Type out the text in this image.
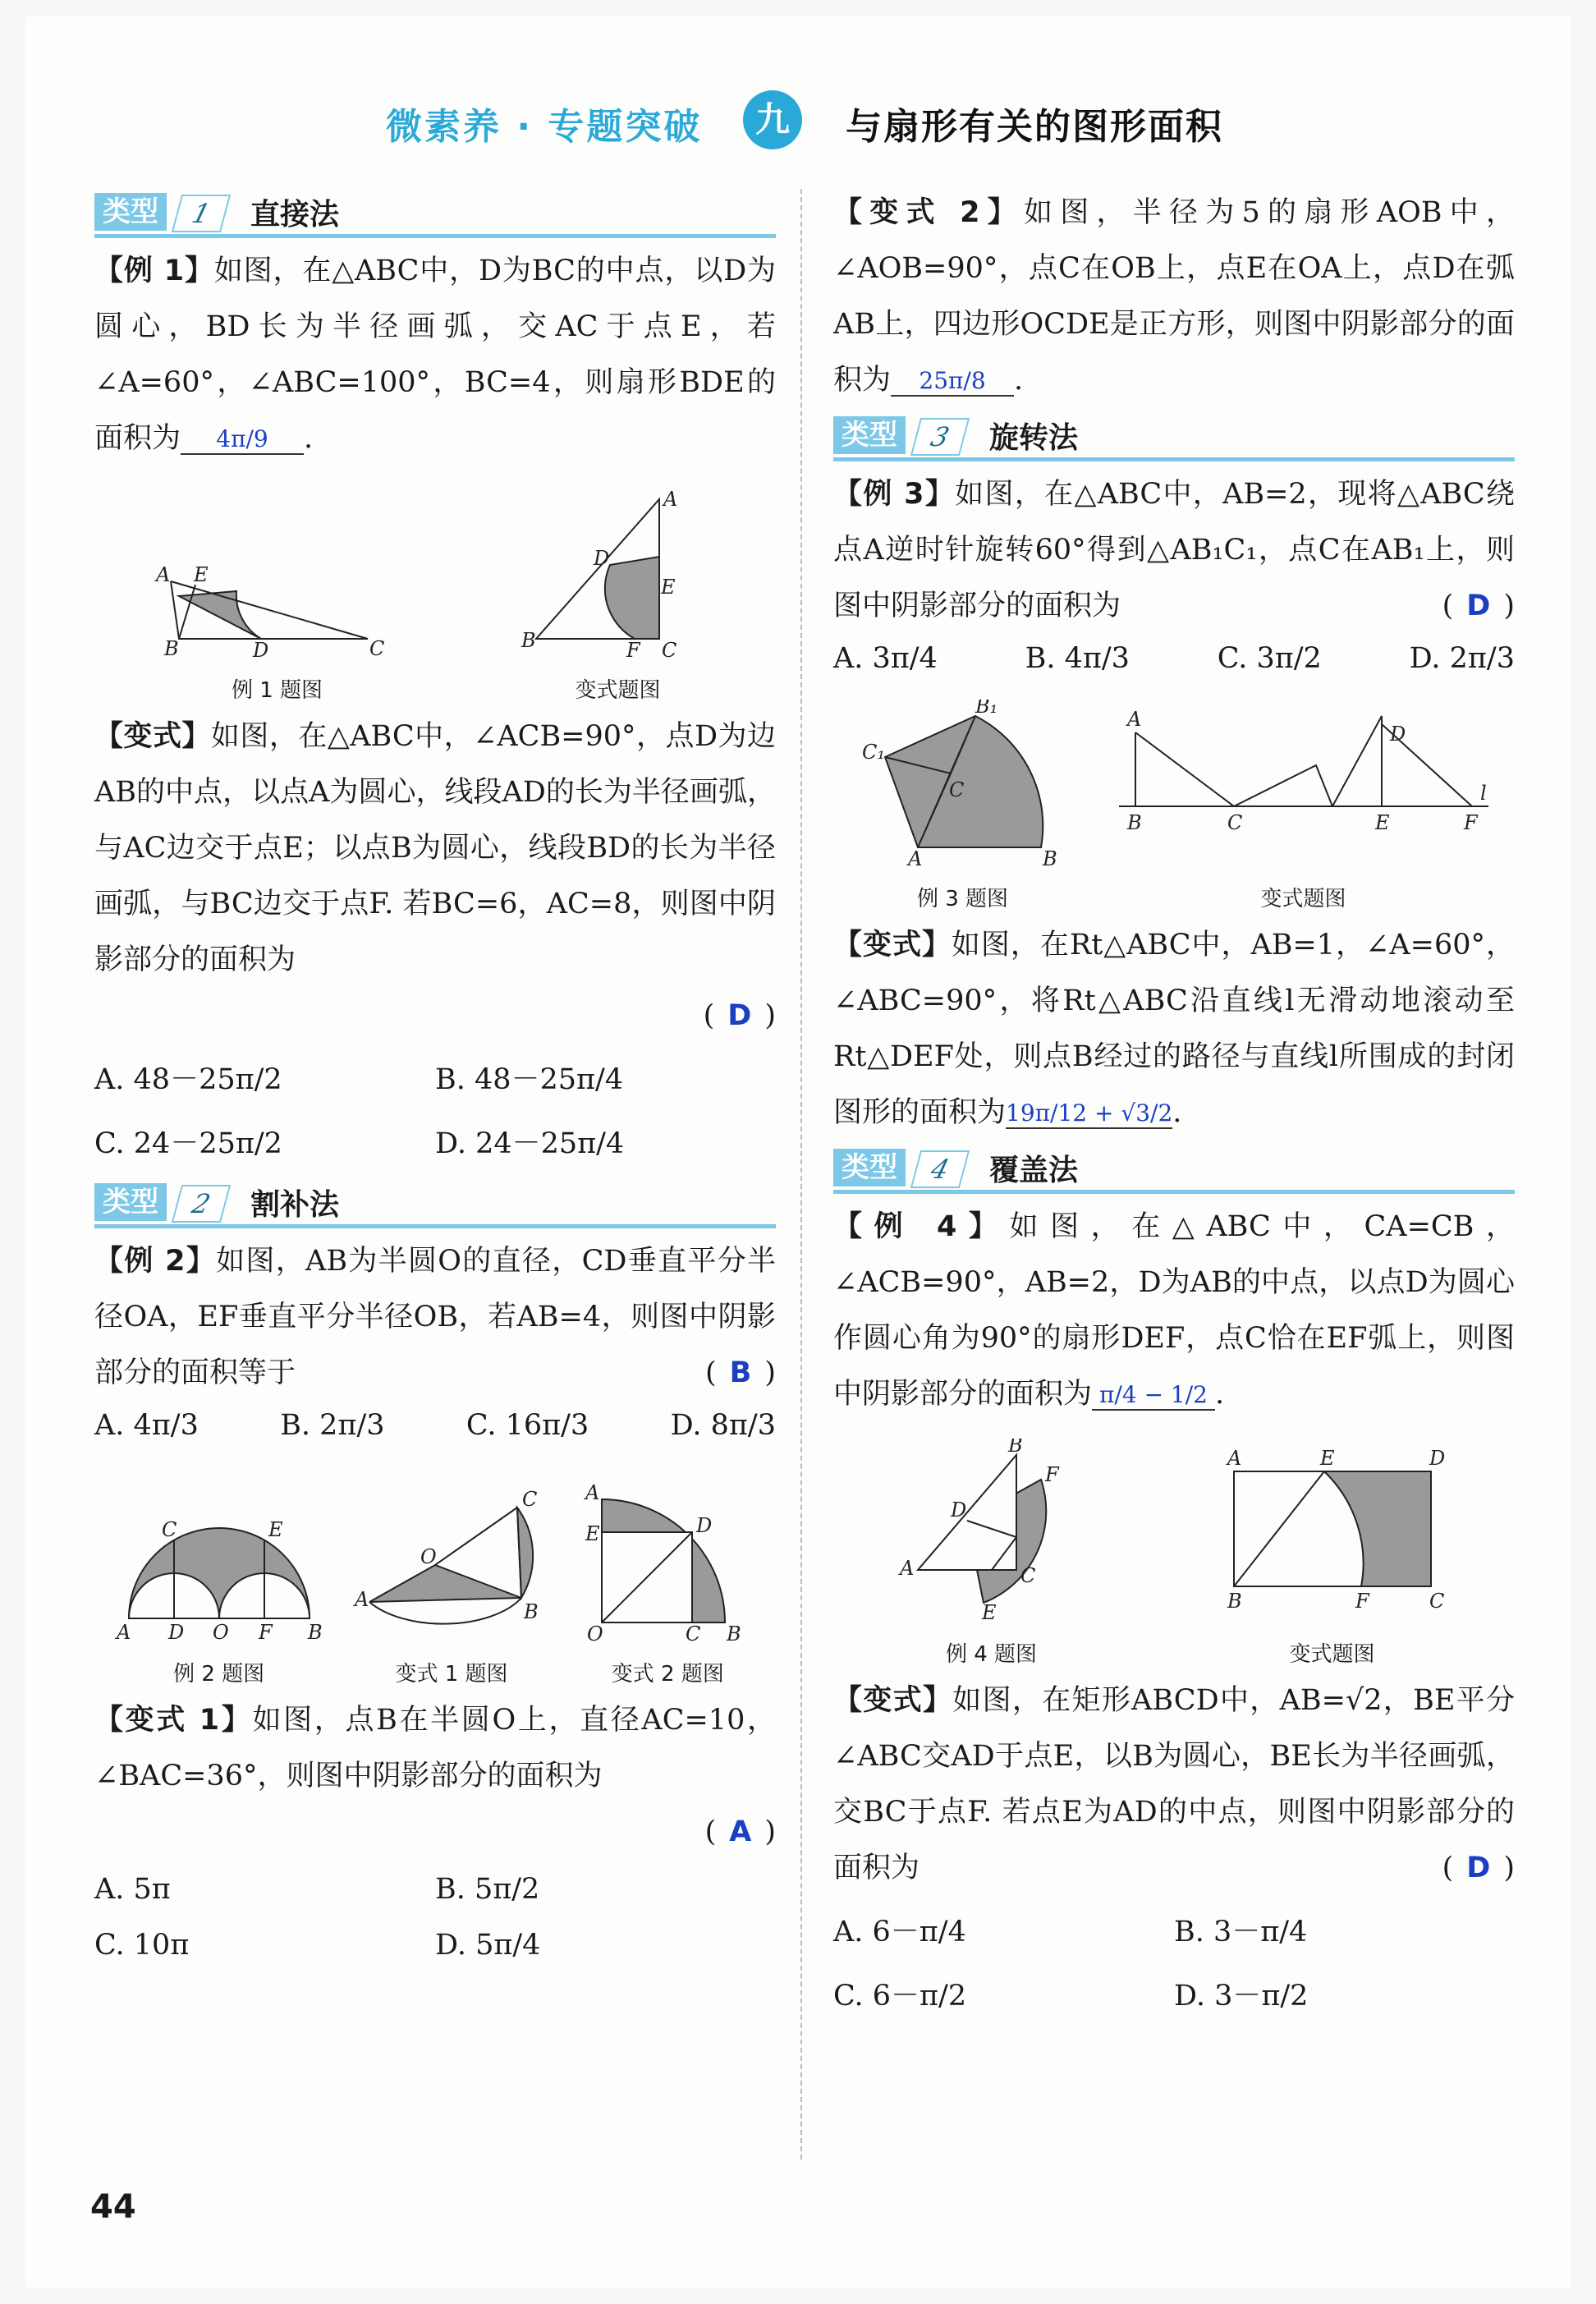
微素养 · 专题突破	九	与扇形有关的图形面积
类型	1	直接法

【例 1】如图，在△ABC中，D为BC的中点，以D为圆心，BD长为半径画弧，交AC于点E，若∠A=60°，∠ABC=100°，BC=4，则扇形BDE的面积为 4π/9 .

A E
B	D	C
例 1 题图
A
D
E
B	F C
变式题图

【变式】如图，在△ABC中，∠ACB=90°，点D为边AB的中点，以点A为圆心，线段AD的长为半径画弧，与AC边交于点E；以点B为圆心，线段BD的长为半径画弧，与BC边交于点F. 若BC=6，AC=8，则图中阴影部分的面积为

( D )

A. 48－25π/2	B. 48－25π/4
C. 24－25π/2	D. 24－25π/4
类型	2	割补法

【例 2】如图，AB为半圆O的直径，CD垂直平分半径OA，EF垂直平分半径OB，若AB=4，则图中阴影部分的面积等于	( B )

A. 4π/3	B. 2π/3	C. 16π/3	D. 8π/3
A D O F B
C	E
例 2 题图
A
O
C
B
变式 1 题图
A
E	D
O	C B
变式 2 题图

【变式 1】如图，点B在半圆O上，直径AC=10，∠BAC=36°，则图中阴影部分的面积为

( A )

A. 5π	B. 5π/2
C. 10π	D. 5π/4

【变式 2】如图，半径为5的扇形AOB中，∠AOB=90°，点C在OB上，点E在OA上，点D在弧AB上，四边形OCDE是正方形，则图中阴影部分的面积为 25π/8 .

类型	3	旋转法

【例 3】如图，在△ABC中，AB=2，现将△ABC绕点A逆时针旋转60°得到△AB₁C₁，点C在AB₁上，则图中阴影部分的面积为	( D )

A. 3π/4	B. 4π/3	C. 3π/2	D. 2π/3
B₁
C₁
C
A	B
例 3 题图
A
B	C
D
E	F
l
变式题图

【变式】如图，在Rt△ABC中，AB=1，∠A=60°，∠ABC=90°，将Rt△ABC沿直线l无滑动地滚动至Rt△DEF处，则点B经过的路径与直线l所围成的封闭图形的面积为19π/12 + √3/2.

类型	4	覆盖法

【例 4】如图，在△ABC中，CA=CB，∠ACB=90°，AB=2，D为AB的中点，以点D为圆心作圆心角为90°的扇形DEF，点C恰在EF弧上，则图中阴影部分的面积为 π/4 − 1/2 .

B
F
D
A	C
E
例 4 题图
A	E	D
B	F	C
变式题图

【变式】如图，在矩形ABCD中，AB=√2，BE平分∠ABC交AD于点E，以B为圆心，BE长为半径画弧，交BC于点F. 若点E为AD的中点，则图中阴影部分的面积为	( D )

A. 6－π/4	B. 3－π/4
C. 6－π/2	D. 3－π/2
44
